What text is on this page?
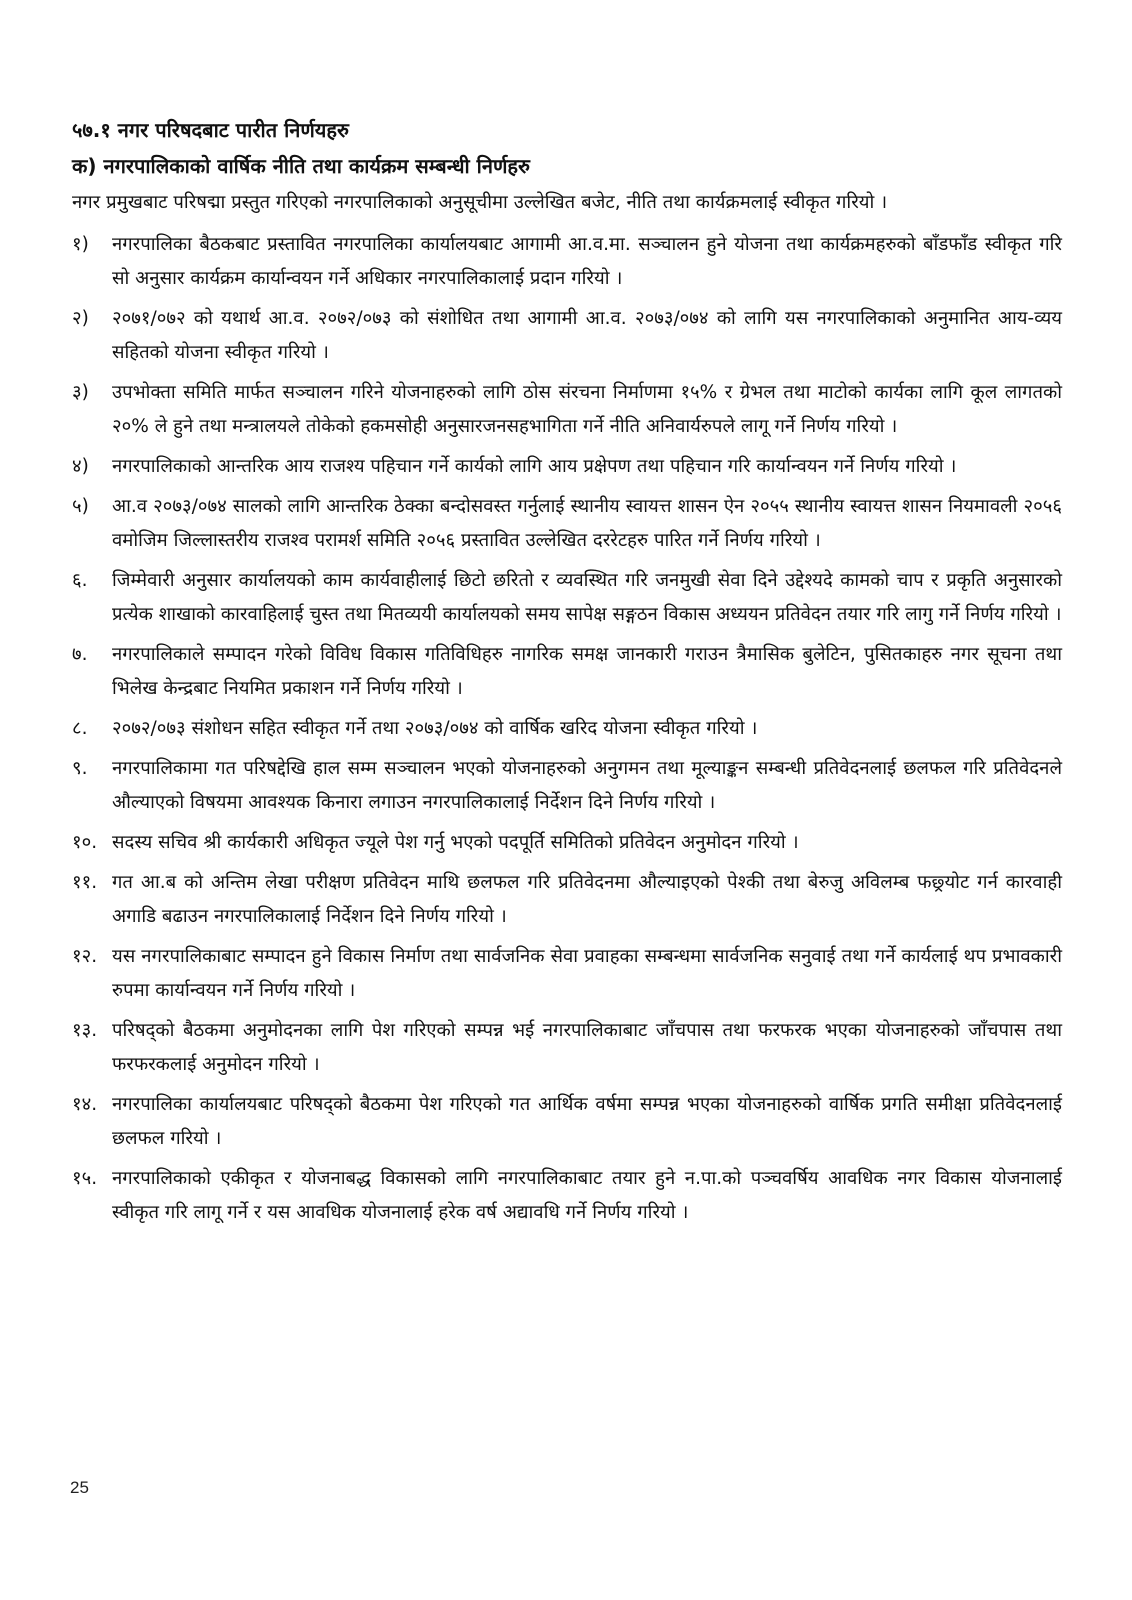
५७.१ नगर परिषदबाट पारीत निर्णयहरु
क) नगरपालिकाको वार्षिक नीति तथा कार्यक्रम सम्बन्धी निर्णहरु

नगर प्रमुखबाट परिषद्मा प्रस्तुत गरिएको नगरपालिकाको अनुसूचीमा उल्लेखित बजेट, नीति तथा कार्यक्रमलाई स्वीकृत गरियो ।

१)	नगरपालिका बैठकबाट प्रस्तावित नगरपालिका कार्यालयबाट आगामी आ.व.मा. सञ्चालन हुने योजना तथा कार्यक्रमहरुको बाँडफाँड स्वीकृत गरि सो अनुसार कार्यक्रम कार्यान्वयन गर्ने अधिकार नगरपालिकालाई प्रदान गरियो ।
२)	२०७१/०७२ को यथार्थ आ.व. २०७२/०७३ को संशोधित तथा आगामी आ.व. २०७३/०७४ को लागि यस नगरपालिकाको अनुमानित आय-व्यय सहितको योजना स्वीकृत गरियो ।
३)	उपभोक्ता समिति मार्फत सञ्चालन गरिने योजनाहरुको लागि ठोस संरचना निर्माणमा १५% र ग्रेभल तथा माटोको कार्यका लागि कूल लागतको २०% ले हुने तथा मन्त्रालयले तोकेको हकमसोही अनुसारजनसहभागिता गर्ने नीति अनिवार्यरुपले लागू गर्ने निर्णय गरियो ।
४)	नगरपालिकाको आन्तरिक आय राजश्य पहिचान गर्ने कार्यको लागि आय प्रक्षेपण तथा पहिचान गरि कार्यान्वयन गर्ने निर्णय गरियो ।
५)	आ.व २०७३/०७४ सालको लागि आन्तरिक ठेक्का बन्दोसवस्त गर्नुलाई स्थानीय स्वायत्त शासन ऐन २०५५ स्थानीय स्वायत्त शासन नियमावली २०५६ वमोजिम जिल्लास्तरीय राजश्व परामर्श समिति २०५६ प्रस्तावित उल्लेखित दररेटहरु पारित गर्ने निर्णय गरियो ।
६.	जिम्मेवारी अनुसार कार्यालयको काम कार्यवाहीलाई छिटो छरितो र व्यवस्थित गरि जनमुखी सेवा दिने उद्देश्यदे कामको चाप र प्रकृति अनुसारको प्रत्येक शाखाको कारवाहिलाई चुस्त तथा मितव्ययी कार्यालयको समय सापेक्ष सङ्गठन विकास अध्ययन प्रतिवेदन तयार गरि लागु गर्ने निर्णय गरियो ।
७.	नगरपालिकाले सम्पादन गरेको विविध विकास गतिविधिहरु नागरिक समक्ष जानकारी गराउन त्रैमासिक बुलेटिन, पुसितकाहरु नगर सूचना तथा भिलेख केन्द्रबाट नियमित प्रकाशन गर्ने निर्णय गरियो ।
८.	२०७२/०७३ संशोधन सहित स्वीकृत गर्ने तथा २०७३/०७४ को वार्षिक खरिद योजना स्वीकृत गरियो ।
९.	नगरपालिकामा गत परिषद्देखि हाल सम्म सञ्चालन भएको योजनाहरुको अनुगमन तथा मूल्याङ्कन सम्बन्धी प्रतिवेदनलाई छलफल गरि प्रतिवेदनले औल्याएको विषयमा आवश्यक किनारा लगाउन नगरपालिकालाई निर्देशन दिने निर्णय गरियो ।
१०. सदस्य सचिव श्री कार्यकारी अधिकृत ज्यूले पेश गर्नु भएको पदपूर्ति समितिको प्रतिवेदन अनुमोदन गरियो ।
११. गत आ.ब को अन्तिम लेखा परीक्षण प्रतिवेदन माथि छलफल गरि प्रतिवेदनमा औल्याइएको पेश्की तथा बेरुजु अविलम्ब फछ्र्योट गर्न कारवाही अगाडि बढाउन नगरपालिकालाई निर्देशन दिने निर्णय गरियो ।
१२. यस नगरपालिकाबाट सम्पादन हुने विकास निर्माण तथा सार्वजनिक सेवा प्रवाहका सम्बन्धमा सार्वजनिक सनुवाई तथा गर्ने कार्यलाई थप प्रभावकारी रुपमा कार्यान्वयन गर्ने निर्णय गरियो ।
१३. परिषद्को बैठकमा अनुमोदनका लागि पेश गरिएको सम्पन्न भई नगरपालिकाबाट जाँचपास तथा फरफरक भएका योजनाहरुको जाँचपास तथा फरफरकलाई अनुमोदन गरियो ।
१४. नगरपालिका कार्यालयबाट परिषद्को बैठकमा पेश गरिएको गत आर्थिक वर्षमा सम्पन्न भएका योजनाहरुको वार्षिक प्रगति समीक्षा प्रतिवेदनलाई छलफल गरियो ।
१५. नगरपालिकाको एकीकृत र योजनाबद्ध विकासको लागि नगरपालिकाबाट तयार हुने न.पा.को पञ्चवर्षिय आवधिक नगर विकास योजनालाई स्वीकृत गरि लागू गर्ने र यस आवधिक योजनालाई हरेक वर्ष अद्यावधि गर्ने निर्णय गरियो ।
25
